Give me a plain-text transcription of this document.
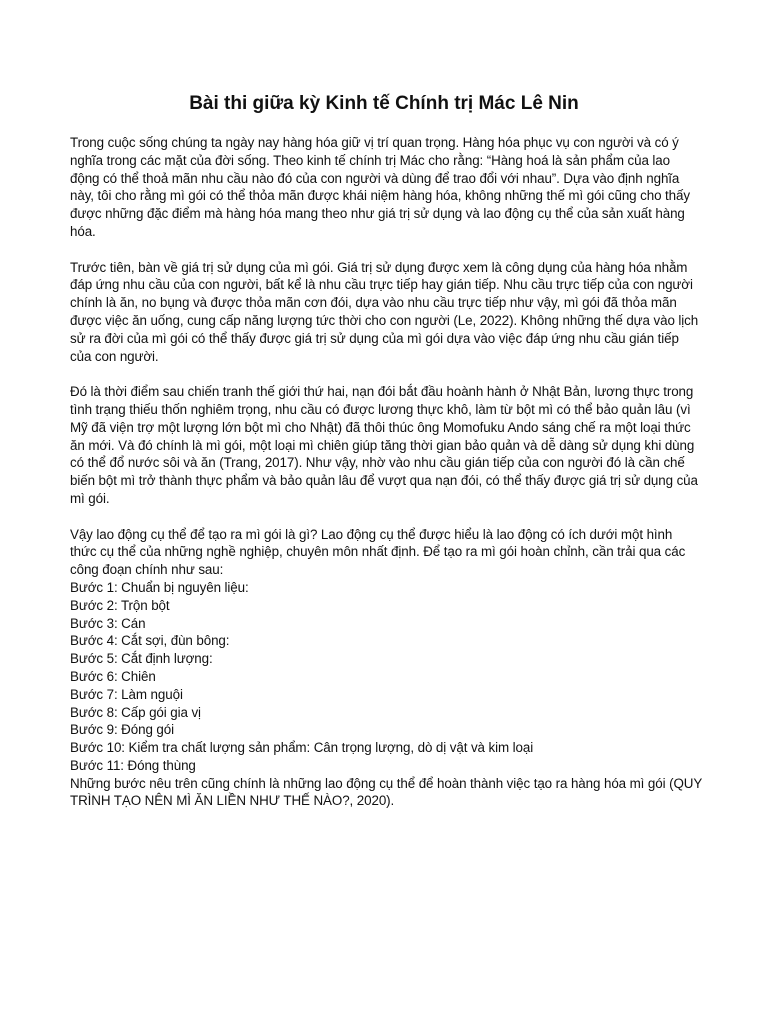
Bài thi giữa kỳ Kinh tế Chính trị Mác Lê Nin

Trong cuộc sống chúng ta ngày nay hàng hóa giữ vị trí quan trọng. Hàng hóa phục vụ con người và có ý nghĩa trong các mặt của đời sống. Theo kinh tế chính trị Mác cho rằng: “Hàng hoá là sản phẩm của lao động có thể thoả mãn nhu cầu nào đó của con người và dùng để trao đổi với nhau”. Dựa vào định nghĩa này, tôi cho rằng mì gói có thể thỏa mãn được khái niệm hàng hóa, không những thế mì gói cũng cho thấy được những đặc điểm mà hàng hóa mang theo như giá trị sử dụng và lao động cụ thể của sản xuất hàng hóa.

Trước tiên, bàn về giá trị sử dụng của mì gói. Giá trị sử dụng được xem là công dụng của hàng hóa nhằm đáp ứng nhu cầu của con người, bất kể là nhu cầu trực tiếp hay gián tiếp. Nhu cầu trực tiếp của con người chính là ăn, no bụng và được thỏa mãn cơn đói, dựa vào nhu cầu trực tiếp như vậy, mì gói đã thỏa mãn được việc ăn uống, cung cấp năng lượng tức thời cho con người (Le, 2022). Không những thế dựa vào lịch sử ra đời của mì gói có thể thấy được giá trị sử dụng của mì gói dựa vào việc đáp ứng nhu cầu gián tiếp của con người.

Đó là thời điểm sau chiến tranh thế giới thứ hai, nạn đói bắt đầu hoành hành ở Nhật Bản, lương thực trong tình trạng thiếu thốn nghiêm trọng, nhu cầu có được lương thực khô, làm từ bột mì có thể bảo quản lâu (vì Mỹ đã viện trợ một lượng lớn bột mì cho Nhật) đã thôi thúc ông Momofuku Ando sáng chế ra một loại thức ăn mới. Và đó chính là mì gói, một loại mì chiên giúp tăng thời gian bảo quản và dễ dàng sử dụng khi dùng có thể đổ nước sôi và ăn (Trang, 2017). Như vậy, nhờ vào nhu cầu gián tiếp của con người đó là cần chế biến bột mì trở thành thực phẩm và bảo quản lâu để vượt qua nạn đói, có thể thấy được giá trị sử dụng của mì gói.

Vậy lao động cụ thể để tạo ra mì gói là gì? Lao động cụ thể được hiểu là lao động có ích dưới một hình thức cụ thể của những nghề nghiệp, chuyên môn nhất định. Để tạo ra mì gói hoàn chỉnh, cần trải qua các công đoạn chính như sau:

Bước 1: Chuẩn bị nguyên liệu:
Bước 2: Trộn bột
Bước 3: Cán
Bước 4: Cắt sợi, đùn bông:
Bước 5: Cắt định lượng:
Bước 6: Chiên
Bước 7: Làm nguội
Bước 8: Cấp gói gia vị
Bước 9: Đóng gói
Bước 10: Kiểm tra chất lượng sản phẩm: Cân trọng lượng, dò dị vật và kim loại
Bước 11: Đóng thùng

Những bước nêu trên cũng chính là những lao động cụ thể để hoàn thành việc tạo ra hàng hóa mì gói (QUY TRÌNH TẠO NÊN MÌ ĂN LIỀN NHƯ THẾ NÀO?, 2020).
